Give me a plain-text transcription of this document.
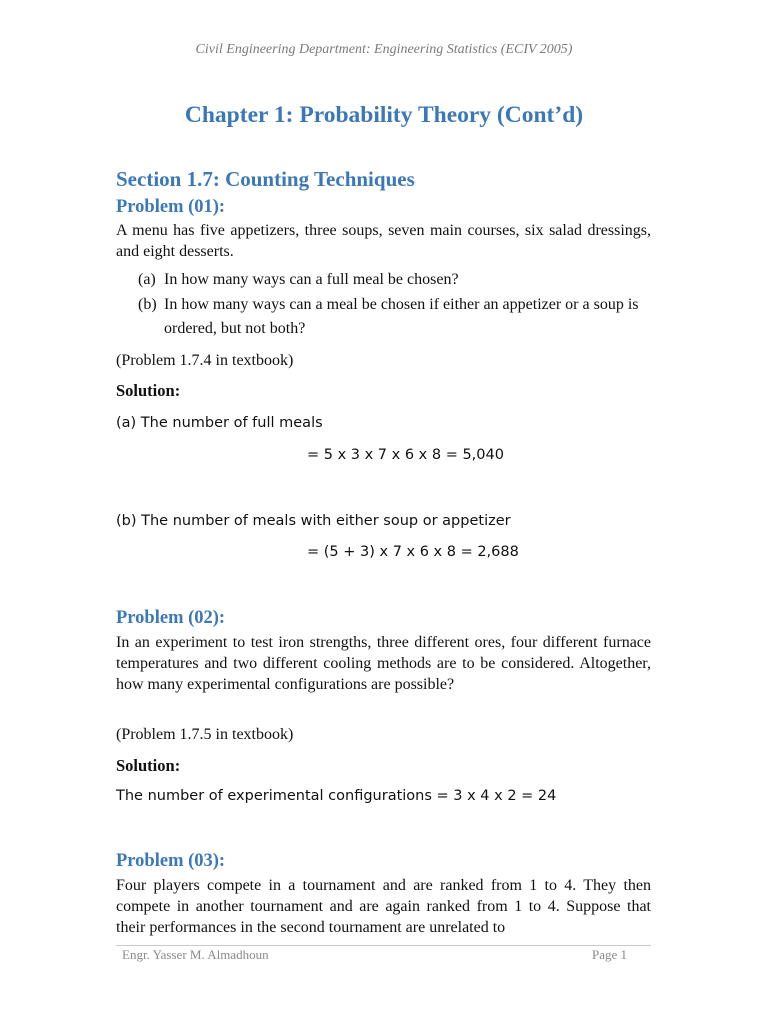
Civil Engineering Department: Engineering Statistics (ECIV 2005)
Chapter 1: Probability Theory (Cont’d)
Section 1.7: Counting Techniques
Problem (01):
A menu has five appetizers, three soups, seven main courses, six salad dressings, and eight desserts.
(a) In how many ways can a full meal be chosen?
(b) In how many ways can a meal be chosen if either an appetizer or a soup is ordered, but not both?
(Problem 1.7.4 in textbook)
Solution:
(a) The number of full meals
= 5 x 3 x 7 x 6 x 8 = 5,040
(b) The number of meals with either soup or appetizer
= (5 + 3) x 7 x 6 x 8 = 2,688
Problem (02):
In an experiment to test iron strengths, three different ores, four different furnace temperatures and two different cooling methods are to be considered. Altogether, how many experimental configurations are possible?
(Problem 1.7.5 in textbook)
Solution:
The number of experimental configurations = 3 x 4 x 2 = 24
Problem (03):
Four players compete in a tournament and are ranked from 1 to 4. They then compete in another tournament and are again ranked from 1 to 4. Suppose that their performances in the second tournament are unrelated to
Engr. Yasser M. Almadhoun	Page 1
